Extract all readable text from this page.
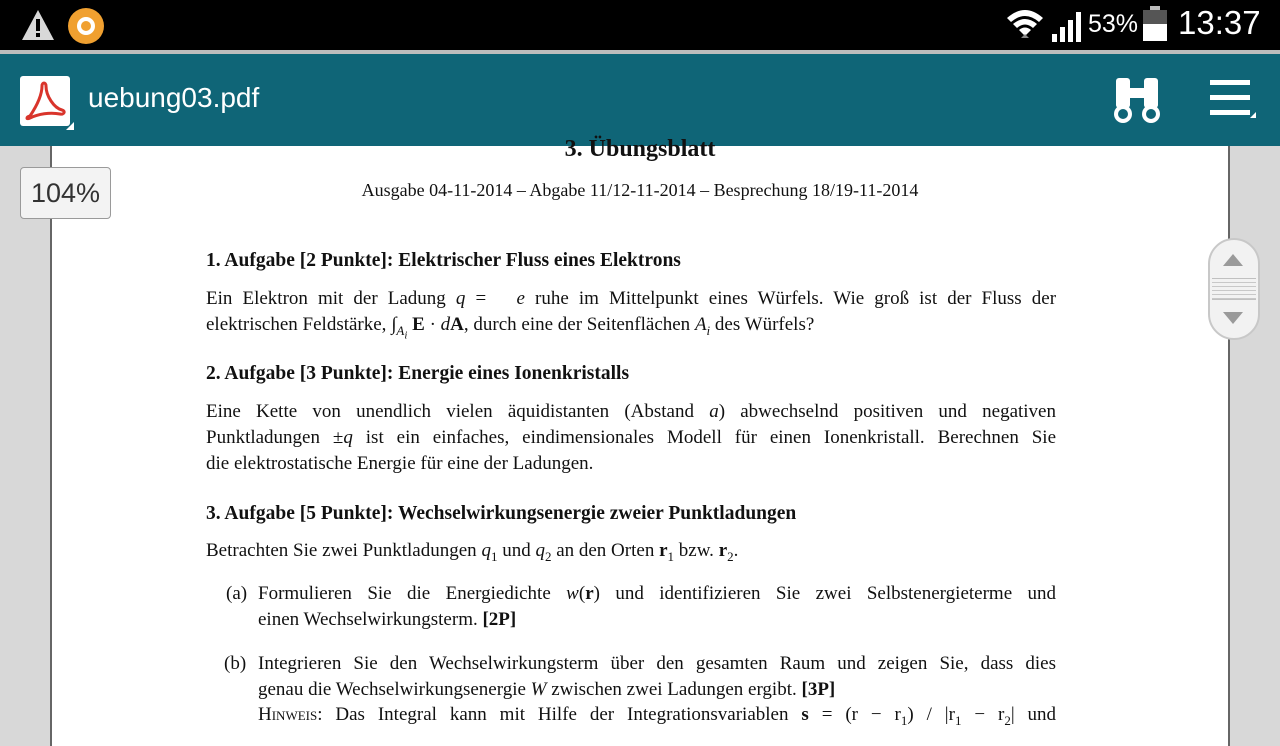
53% 13:37
uebung03.pdf
3. Übungsblatt
Ausgabe 04-11-2014 – Abgabe 11/12-11-2014 – Besprechung 18/19-11-2014
1. Aufgabe [2 Punkte]: Elektrischer Fluss eines Elektrons
Ein Elektron mit der Ladung q = e ruhe im Mittelpunkt eines Würfels. Wie groß ist der Fluss der
elektrischen Feldstärke, $\int_{A_i}$ E · dA, durch eine der Seitenflächen $A_i$ des Würfels?
2. Aufgabe [3 Punkte]: Energie eines Ionenkristalls
Eine Kette von unendlich vielen äquidistanten (Abstand a) abwechselnd positiven und negativen
Punktladungen ±q ist ein einfaches, eindimensionales Modell für einen Ionenkristall. Berechnen Sie
die elektrostatische Energie für eine der Ladungen.
3. Aufgabe [5 Punkte]: Wechselwirkungsenergie zweier Punktladungen
Betrachten Sie zwei Punktladungen $q_1$ und $q_2$ an den Orten $r_1$ bzw. $r_2$.
(a) Formulieren Sie die Energiedichte w(r) und identifizieren Sie zwei Selbstenergieterme und
einen Wechselwirkungsterm. [2P]
(b) Integrieren Sie den Wechselwirkungsterm über den gesamten Raum und zeigen Sie, dass dies
genau die Wechselwirkungsenergie W zwischen zwei Ladungen ergibt. [3P]
Hinweis: Das Integral kann mit Hilfe der Integrationsvariablen $s = (r - r_1) / |r_1 - r_2|$ und
104%
